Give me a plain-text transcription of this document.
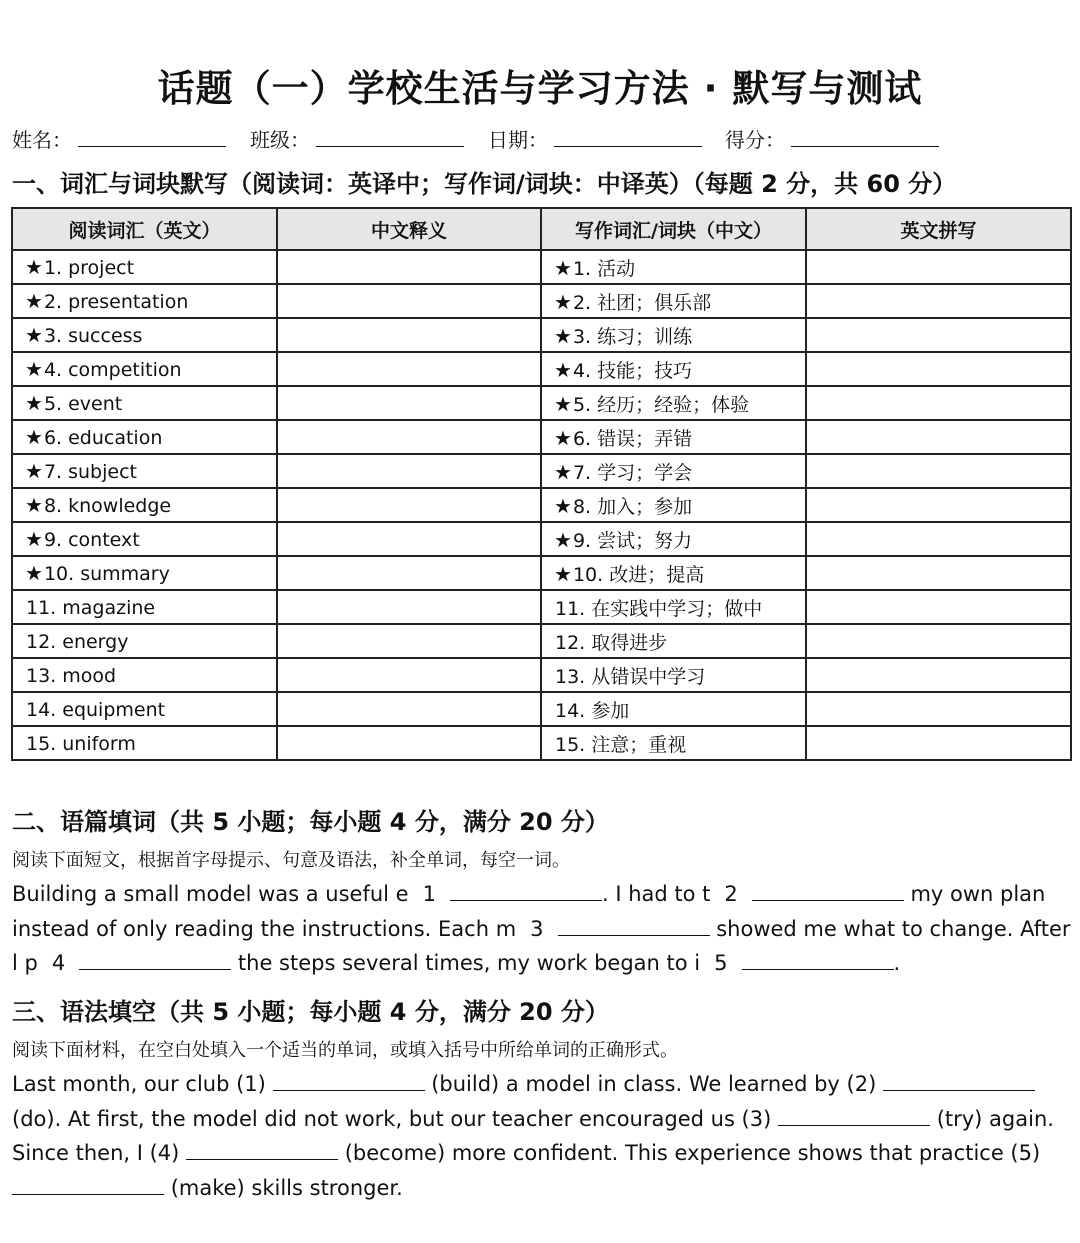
话题（一）学校生活与学习方法 · 默写与测试
姓名：	班级：	日期：	得分：
一、词汇与词块默写（阅读词：英译中；写作词/词块：中译英）（每题 2 分，共 60 分）
阅读词汇（英文）	中文释义	写作词汇/词块（中文）	英文拼写
★1. project		★1. 活动	
★2. presentation		★2. 社团；俱乐部	
★3. success		★3. 练习；训练	
★4. competition		★4. 技能；技巧	
★5. event		★5. 经历；经验；体验	
★6. education		★6. 错误；弄错	
★7. subject		★7. 学习；学会	
★8. knowledge		★8. 加入；参加	
★9. context		★9. 尝试；努力	
★10. summary		★10. 改进；提高	
11. magazine		11. 在实践中学习；做中	
12. energy		12. 取得进步	
13. mood		13. 从错误中学习	
14. equipment		14. 参加	
15. uniform		15. 注意；重视	
二、语篇填词（共 5 小题；每小题 4 分，满分 20 分）
阅读下面短文，根据首字母提示、句意及语法，补全单词，每空一词。
Building a small model was a useful e 1	. I had to t 2	my own plan
instead of only reading the instructions. Each m 3	showed me what to change. After
l p 4	the steps several times, my work began to i 5	.
三、语法填空（共 5 小题；每小题 4 分，满分 20 分）
阅读下面材料，在空白处填入一个适当的单词，或填入括号中所给单词的正确形式。
Last month, our club (1)	(build) a model in class. We learned by (2)
(do). At first, the model did not work, but our teacher encouraged us (3)	(try) again.
Since then, I (4)	(become) more confident. This experience shows that practice (5)
(make) skills stronger.
